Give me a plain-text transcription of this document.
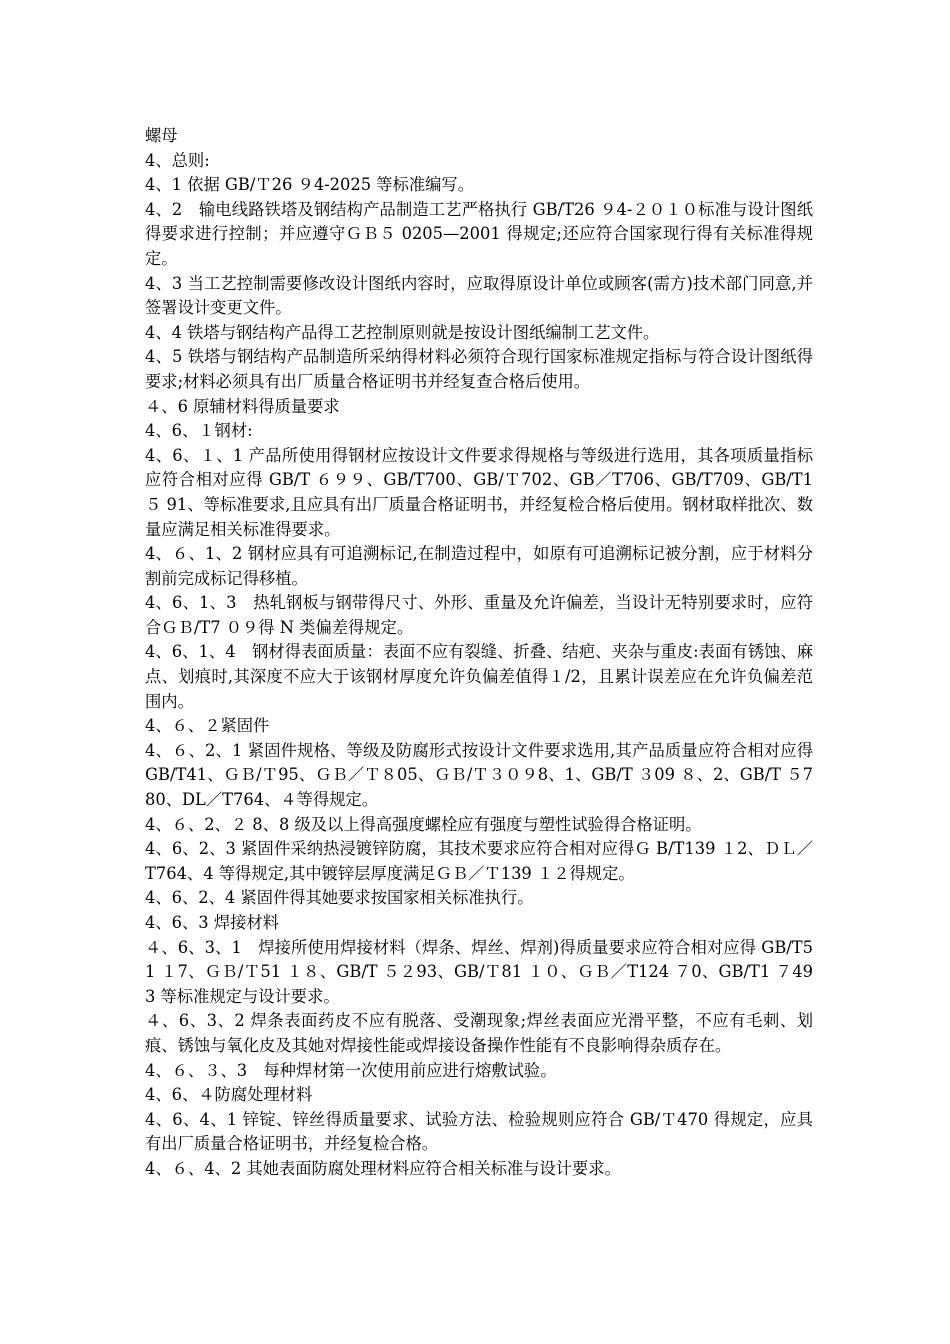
螺母

4、总则:

4、1 依据 GB/Ｔ26 ９4-2025 等标准编写。

4、2　输电线路铁塔及钢结构产品制造工艺严格执行 GB/T26 ９4-２０１０标准与设计图纸得要求进行控制；并应遵守ＧＢ５ 0205—2001 得规定;还应符合国家现行得有关标准得规定。

4、3 当工艺控制需要修改设计图纸内容时，应取得原设计单位或顾客(需方)技术部门同意,并签署设计变更文件。

4、4 铁塔与钢结构产品得工艺控制原则就是按设计图纸编制工艺文件。

4、5 铁塔与钢结构产品制造所采纳得材料必须符合现行国家标准规定指标与符合设计图纸得要求;材料必须具有出厂质量合格证明书并经复查合格后使用。

４、6 原辅材料得质量要求

4、6、１钢材:

4、6、１、1 产品所使用得钢材应按设计文件要求得规格与等级进行选用，其各项质量指标应符合相对应得 GB/T ６９９、GB/T700、GB/Ｔ702、GB／T706、GB/T709、GB/T1 ５ 91、等标准要求,且应具有出厂质量合格证明书，并经复检合格后使用。钢材取样批次、数量应满足相关标准得要求。

4、６、1、2 钢材应具有可追溯标记,在制造过程中，如原有可追溯标记被分割，应于材料分割前完成标记得移植。

4、6、1、3　热轧钢板与钢带得尺寸、外形、重量及允许偏差，当设计无特别要求时，应符合ＧＢ/T7 ０９得 N 类偏差得规定。

4、6、1、4　钢材得表面质量：表面不应有裂缝、折叠、结疤、夹杂与重皮:表面有锈蚀、麻点、划痕时,其深度不应大于该钢材厚度允许负偏差值得１/2，且累计误差应在允许负偏差范围内。

4、６、２紧固件

4、６、2、1 紧固件规格、等级及防腐形式按设计文件要求选用,其产品质量应符合相对应得 GB/T41、ＧＢ/Ｔ95、ＧＢ／Ｔ８05、ＧＢ/Ｔ３０９8、1、GB/T ３09 ８、2、GB/T ５780、DL／T764、４等得规定。

4、６、2、２ 8、8 级及以上得高强度螺栓应有强度与塑性试验得合格证明。

4、6、2、3 紧固件采纳热浸镀锌防腐，其技术要求应符合相对应得Ｇ B/T139 １2、ＤＬ／T764、4 等得规定,其中镀锌层厚度满足ＧＢ／Ｔ139 １２得规定。

4、6、2、4 紧固件得其她要求按国家相关标准执行。

4、6、3 焊接材料

４、6、3、1　焊接所使用焊接材料（焊条、焊丝、焊剂)得质量要求应符合相对应得 GB/T51 １7、ＧＢ/Ｔ51 １８、GB/T ５２93、GB/Ｔ81 １０、ＧＢ／T124 ７0、GB/T1 ７493 等标准规定与设计要求。

４、6、3、2 焊条表面药皮不应有脱落、受潮现象;焊丝表面应光滑平整，不应有毛刺、划痕、锈蚀与氧化皮及其她对焊接性能或焊接设备操作性能有不良影响得杂质存在。

4、６、３、3　每种焊材第一次使用前应进行熔敷试验。

4、6、４防腐处理材料

4、6、4、1 锌锭、锌丝得质量要求、试验方法、检验规则应符合 GB/Ｔ470 得规定，应具有出厂质量合格证明书，并经复检合格。

4、６、4、2 其她表面防腐处理材料应符合相关标准与设计要求。
